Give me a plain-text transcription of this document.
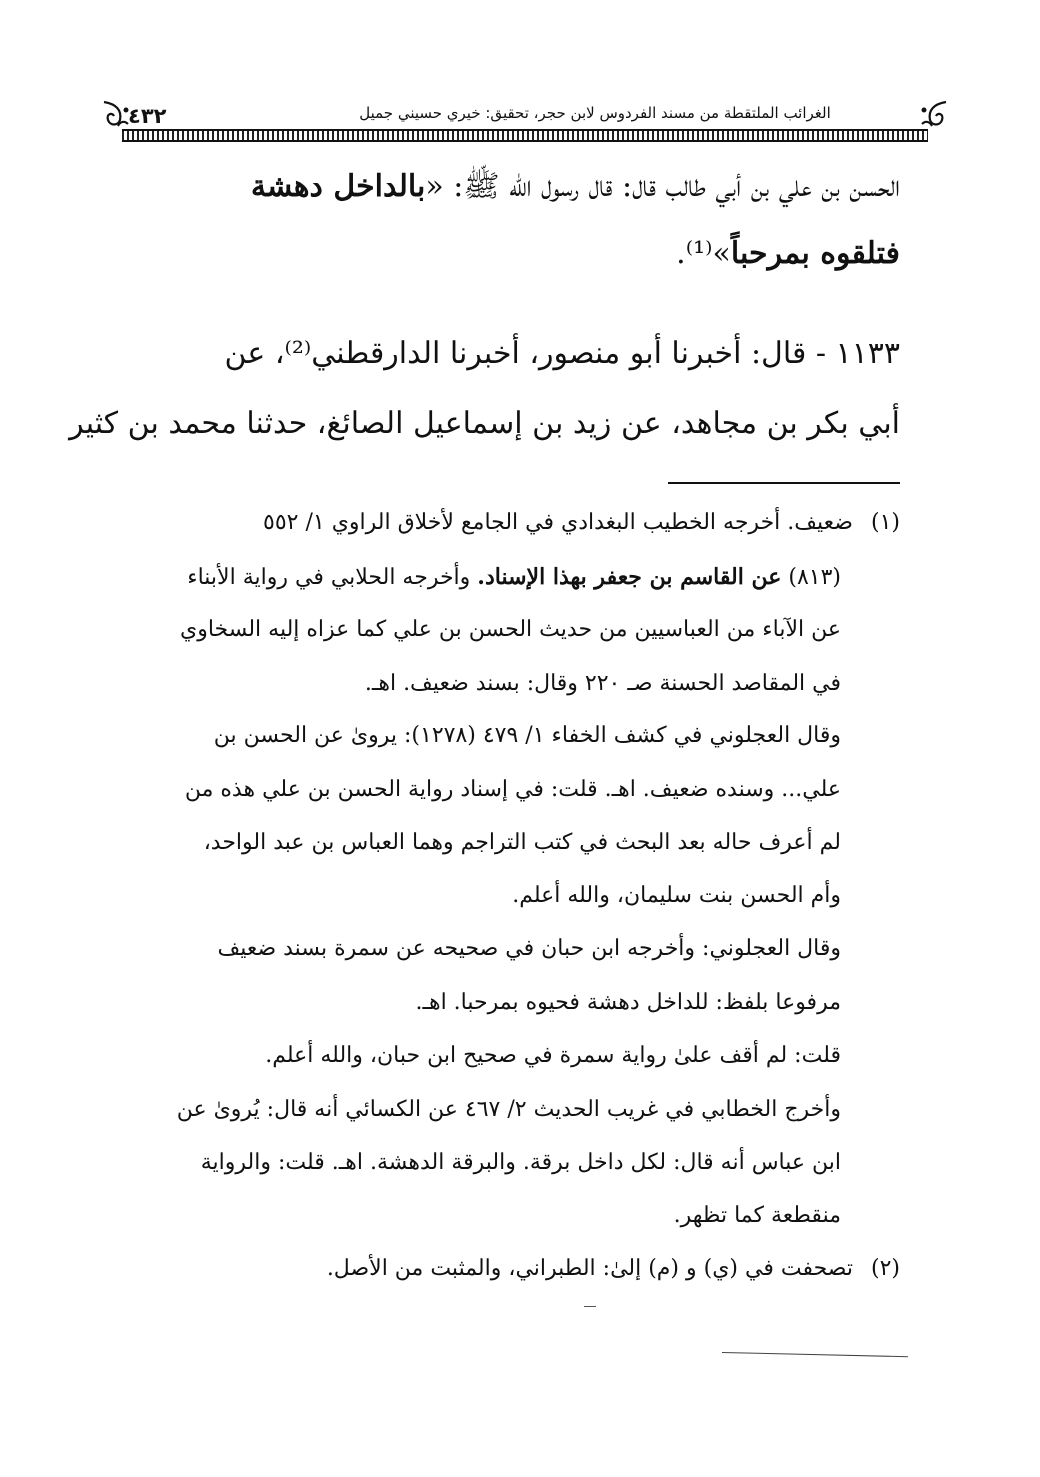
الغرائب الملتقطة من مسند الفردوس لابن حجر، تحقيق: خيري حسيني جميل
٤٣٢
الحسن بن علي بن أبي طالب قال: قال رسول الله ﷺ: «بالداخل دهشة
فتلقوه بمرحباً»⁽¹⁾.
١١٣٣ - قال: أخبرنا أبو منصور، أخبرنا الدارقطني⁽²⁾، عن
أبي بكر بن مجاهد، عن زيد بن إسماعيل الصائغ، حدثنا محمد بن كثير
(١)ضعيف. أخرجه الخطيب البغدادي في الجامع لأخلاق الراوي ١/ ٥٥٢
(٨١٣) عن القاسم بن جعفر بهذا الإسناد. وأخرجه الحلابي في رواية الأبناء
عن الآباء من العباسيين من حديث الحسن بن علي كما عزاه إليه السخاوي
في المقاصد الحسنة صـ ٢٢٠ وقال: بسند ضعيف. اهـ.
وقال العجلوني في كشف الخفاء ١/ ٤٧٩ (١٢٧٨): يروىٰ عن الحسن بن
علي... وسنده ضعيف. اهـ. قلت: في إسناد رواية الحسن بن علي هذه من
لم أعرف حاله بعد البحث في كتب التراجم وهما العباس بن عبد الواحد،
وأم الحسن بنت سليمان، والله أعلم.
وقال العجلوني: وأخرجه ابن حبان في صحيحه عن سمرة بسند ضعيف
مرفوعا بلفظ: للداخل دهشة فحيوه بمرحبا. اهـ.
قلت: لم أقف علىٰ رواية سمرة في صحيح ابن حبان، والله أعلم.
وأخرج الخطابي في غريب الحديث ٢/ ٤٦٧ عن الكسائي أنه قال: يُروىٰ عن
ابن عباس أنه قال: لكل داخل برقة. والبرقة الدهشة. اهـ. قلت: والرواية
منقطعة كما تظهر.
(٢)تصحفت في (ي) و (م) إلىٰ: الطبراني، والمثبت من الأصل.
